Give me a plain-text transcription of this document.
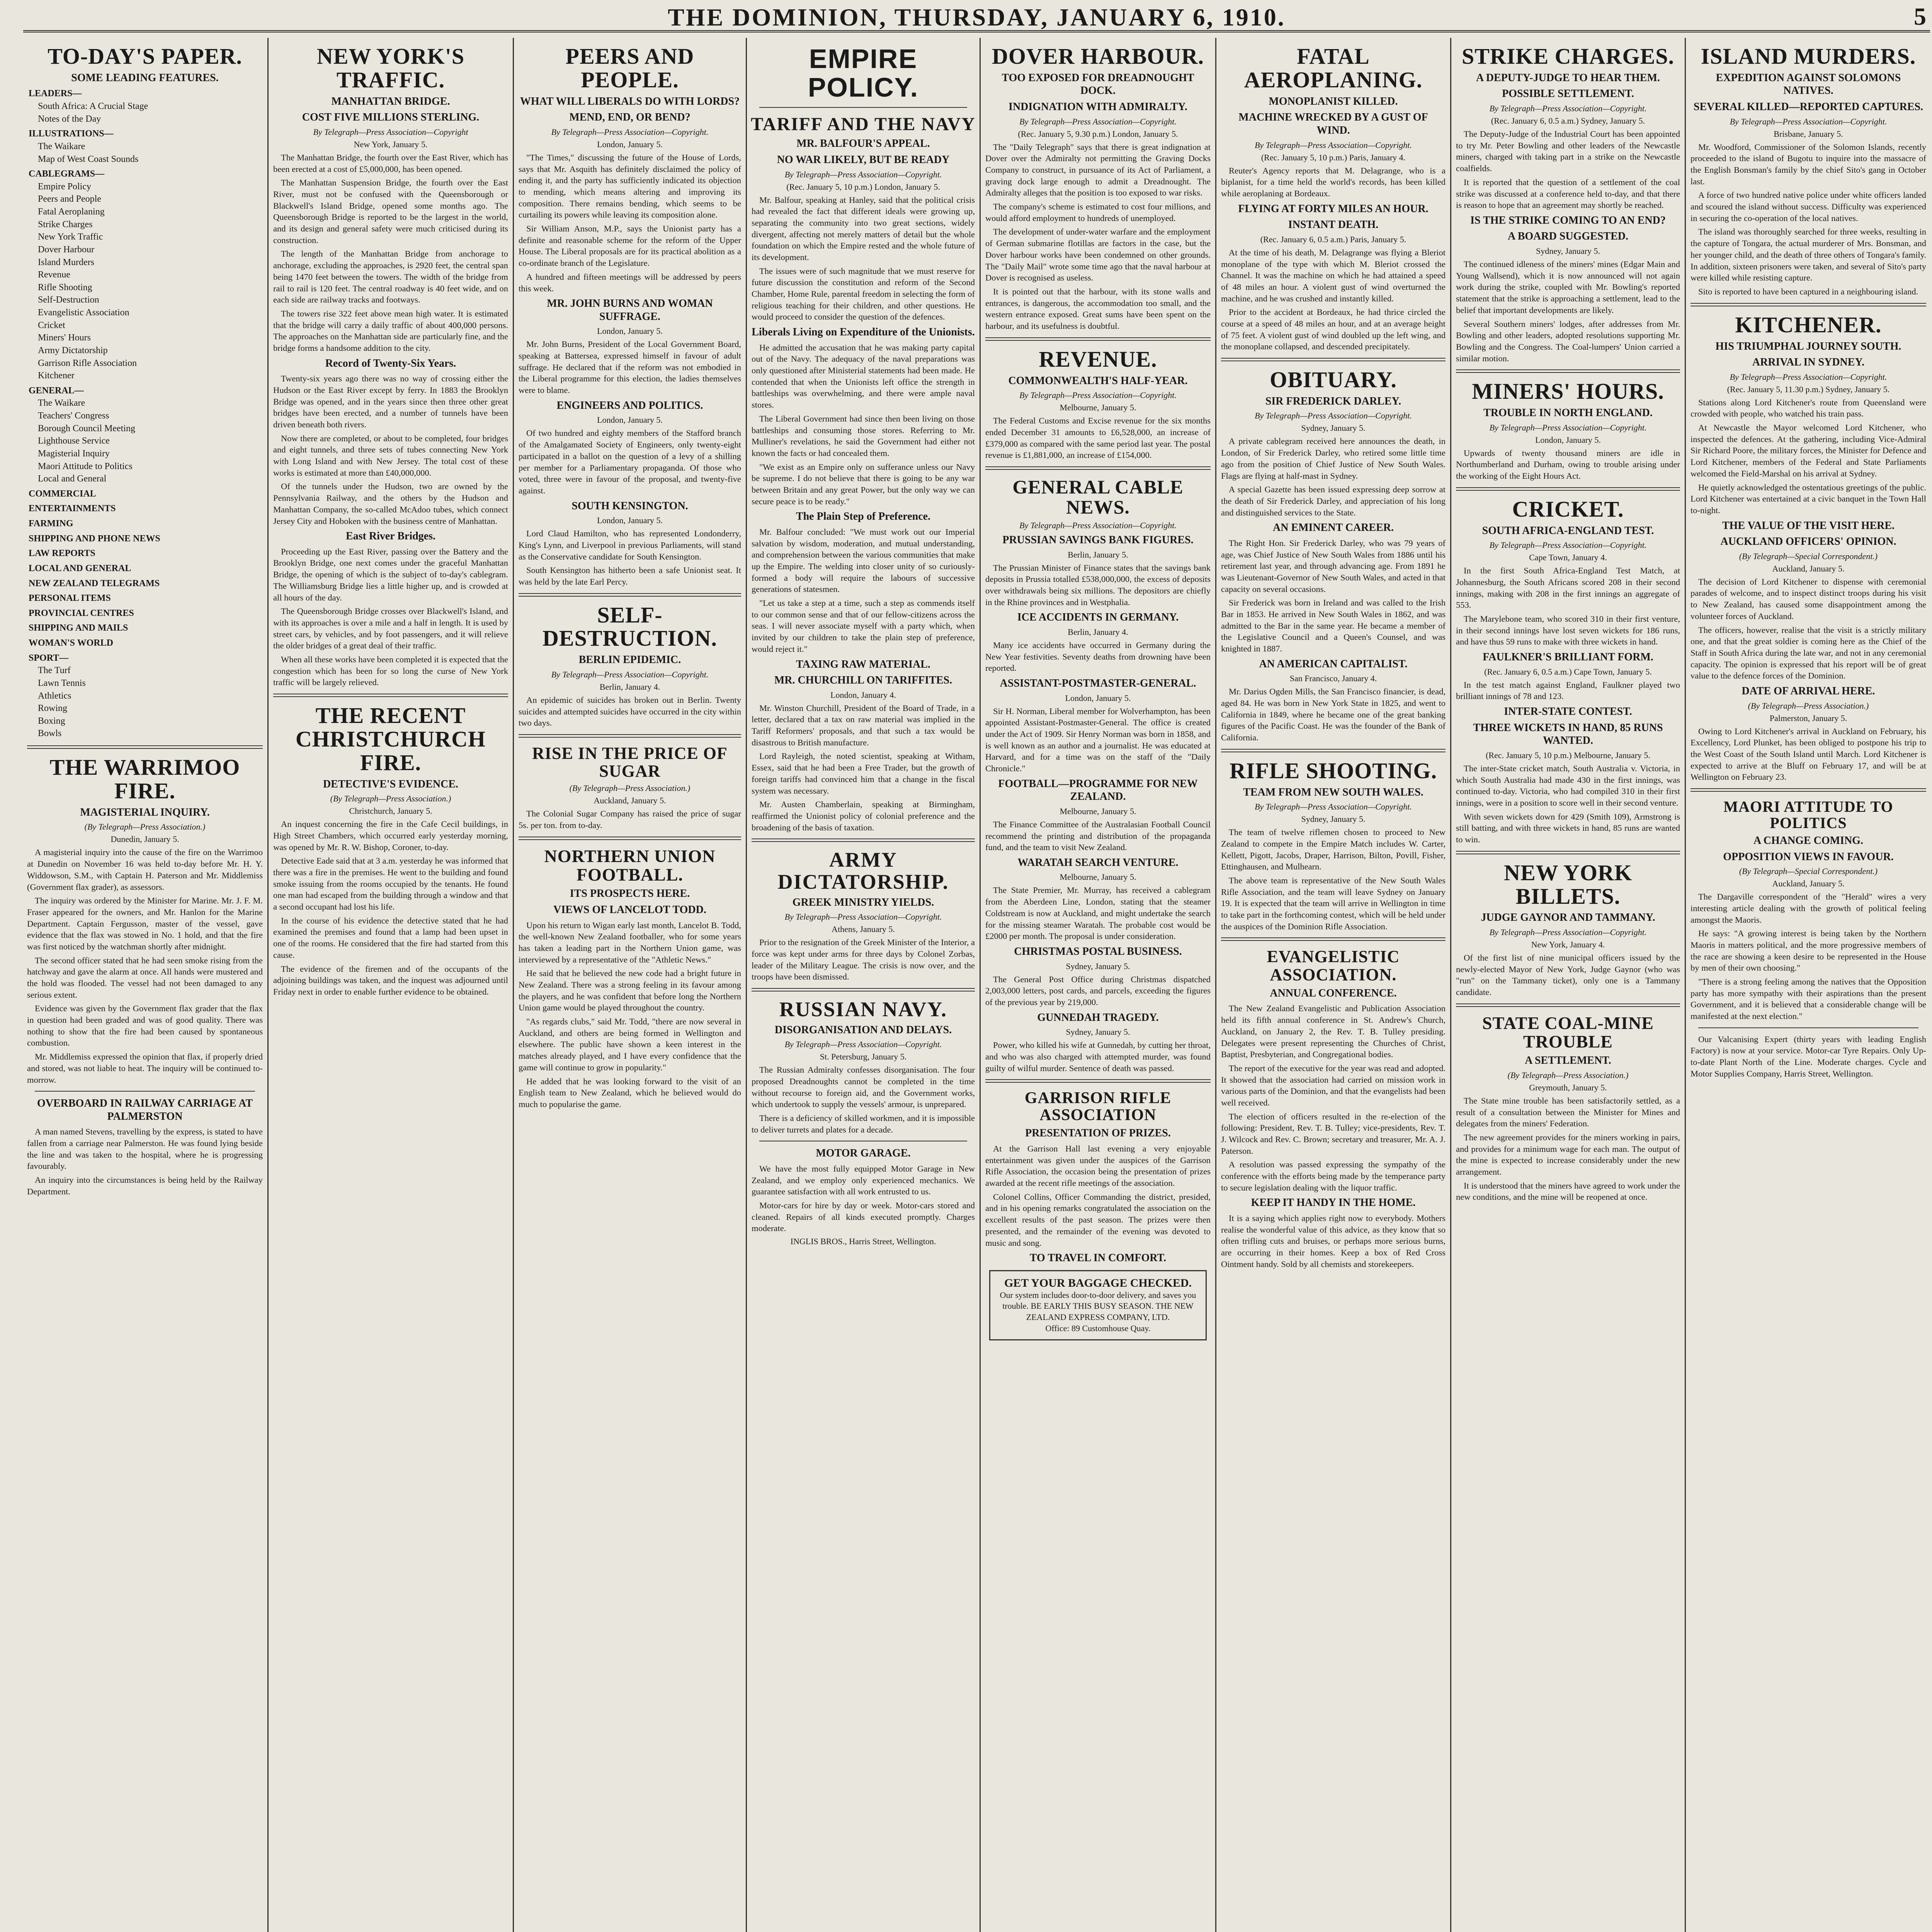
THE DOMINION, THURSDAY, JANUARY 6, 1910.	5
TO-DAY'S PAPER.
SOME LEADING FEATURES.
LEADERS—
South Africa: A Crucial Stage
Notes of the Day
ILLUSTRATIONS—
The Waikare
Map of West Coast Sounds
CABLEGRAMS—
Empire Policy
Peers and People
Fatal Aeroplaning
Strike Charges
New York Traffic
Dover Harbour
Island Murders
Revenue
Rifle Shooting
Self-Destruction
Evangelistic Association
Cricket
Miners' Hours
Army Dictatorship
Garrison Rifle Association
Kitchener
GENERAL—
The Waikare
Teachers' Congress
Borough Council Meeting
Lighthouse Service
Magisterial Inquiry
Maori Attitude to Politics
Local and General
COMMERCIAL
ENTERTAINMENTS
FARMING
SHIPPING AND PHONE NEWS
LAW REPORTS
LOCAL AND GENERAL
NEW ZEALAND TELEGRAMS
PERSONAL ITEMS
PROVINCIAL CENTRES
SHIPPING AND MAILS
WOMAN'S WORLD
SPORT—
The Turf
Lawn Tennis
Athletics
Rowing
Boxing
Bowls
THE WARRIMOO FIRE.
MAGISTERIAL INQUIRY.
(By Telegraph—Press Association.)
Dunedin, January 5.
A magisterial inquiry into the cause of the fire on the Warrimoo at Dunedin on November 16 was held to-day before Mr. H. Y. Widdowson, S.M., with Captain H. Paterson and Mr. Middlemiss (Government flax grader), as assessors.
The inquiry was ordered by the Minister for Marine. Mr. J. F. M. Fraser appeared for the owners, and Mr. Hanlon for the Marine Department. Captain Fergusson, master of the vessel, gave evidence that the flax was stowed in No. 1 hold, and that the fire was first noticed by the watchman shortly after midnight.
The second officer stated that he had seen smoke rising from the hatchway and gave the alarm at once. All hands were mustered and the hold was flooded. The vessel had not been damaged to any serious extent.
Evidence was given by the Government flax grader that the flax in question had been graded and was of good quality. There was nothing to show that the fire had been caused by spontaneous combustion.
Mr. Middlemiss expressed the opinion that flax, if properly dried and stored, was not liable to heat. The inquiry will be continued to-morrow.
OVERBOARD IN RAILWAY CARRIAGE AT PALMERSTON
A man named Stevens, travelling by the express, is stated to have fallen from a carriage near Palmerston. He was found lying beside the line and was taken to the hospital, where he is progressing favourably.
An inquiry into the circumstances is being held by the Railway Department.
NEW YORK'S TRAFFIC.
MANHATTAN BRIDGE.
COST FIVE MILLIONS STERLING.
By Telegraph—Press Association—Copyright
New York, January 5.
The Manhattan Bridge, the fourth over the East River, which has been erected at a cost of £5,000,000, has been opened.
The Manhattan Suspension Bridge, the fourth over the East River, must not be confused with the Queensborough or Blackwell's Island Bridge, opened some months ago. The Queensborough Bridge is reported to be the largest in the world, and its design and general safety were much criticised during its construction.
The length of the Manhattan Bridge from anchorage to anchorage, excluding the approaches, is 2920 feet, the central span being 1470 feet between the towers. The width of the bridge from rail to rail is 120 feet. The central roadway is 40 feet wide, and on each side are railway tracks and footways.
The towers rise 322 feet above mean high water. It is estimated that the bridge will carry a daily traffic of about 400,000 persons. The approaches on the Manhattan side are particularly fine, and the bridge forms a handsome addition to the city.
Record of Twenty-Six Years.
Twenty-six years ago there was no way of crossing either the Hudson or the East River except by ferry. In 1883 the Brooklyn Bridge was opened, and in the years since then three other great bridges have been erected, and a number of tunnels have been driven beneath both rivers.
Now there are completed, or about to be completed, four bridges and eight tunnels, and three sets of tubes connecting New York with Long Island and with New Jersey. The total cost of these works is estimated at more than £40,000,000.
Of the tunnels under the Hudson, two are owned by the Pennsylvania Railway, and the others by the Hudson and Manhattan Company, the so-called McAdoo tubes, which connect Jersey City and Hoboken with the business centre of Manhattan.
East River Bridges.
Proceeding up the East River, passing over the Battery and the Brooklyn Bridge, one next comes under the graceful Manhattan Bridge, the opening of which is the subject of to-day's cablegram. The Williamsburg Bridge lies a little higher up, and is crowded at all hours of the day.
The Queensborough Bridge crosses over Blackwell's Island, and with its approaches is over a mile and a half in length. It is used by street cars, by vehicles, and by foot passengers, and it will relieve the older bridges of a great deal of their traffic.
When all these works have been completed it is expected that the congestion which has been for so long the curse of New York traffic will be largely relieved.
THE RECENT CHRISTCHURCH FIRE.
DETECTIVE'S EVIDENCE.
(By Telegraph—Press Association.)
Christchurch, January 5.
An inquest concerning the fire in the Cafe Cecil buildings, in High Street Chambers, which occurred early yesterday morning, was opened by Mr. R. W. Bishop, Coroner, to-day.
Detective Eade said that at 3 a.m. yesterday he was informed that there was a fire in the premises. He went to the building and found smoke issuing from the rooms occupied by the tenants. He found one man had escaped from the building through a window and that a second occupant had lost his life.
In the course of his evidence the detective stated that he had examined the premises and found that a lamp had been upset in one of the rooms. He considered that the fire had started from this cause.
The evidence of the firemen and of the occupants of the adjoining buildings was taken, and the inquest was adjourned until Friday next in order to enable further evidence to be obtained.
PEERS AND PEOPLE.
WHAT WILL LIBERALS DO WITH LORDS?
MEND, END, OR BEND?
By Telegraph—Press Association—Copyright.
London, January 5.
"The Times," discussing the future of the House of Lords, says that Mr. Asquith has definitely disclaimed the policy of ending it, and the party has sufficiently indicated its objection to mending, which means altering and improving its composition. There remains bending, which seems to be curtailing its powers while leaving its composition alone.
Sir William Anson, M.P., says the Unionist party has a definite and reasonable scheme for the reform of the Upper House. The Liberal proposals are for its practical abolition as a co-ordinate branch of the Legislature.
A hundred and fifteen meetings will be addressed by peers this week.
MR. JOHN BURNS AND WOMAN SUFFRAGE.
London, January 5.
Mr. John Burns, President of the Local Government Board, speaking at Battersea, expressed himself in favour of adult suffrage. He declared that if the reform was not embodied in the Liberal programme for this election, the ladies themselves were to blame.
ENGINEERS AND POLITICS.
London, January 5.
Of two hundred and eighty members of the Stafford branch of the Amalgamated Society of Engineers, only twenty-eight participated in a ballot on the question of a levy of a shilling per member for a Parliamentary propaganda. Of those who voted, three were in favour of the proposal, and twenty-five against.
SOUTH KENSINGTON.
London, January 5.
Lord Claud Hamilton, who has represented Londonderry, King's Lynn, and Liverpool in previous Parliaments, will stand as the Conservative candidate for South Kensington.
South Kensington has hitherto been a safe Unionist seat. It was held by the late Earl Percy.
SELF-DESTRUCTION.
BERLIN EPIDEMIC.
By Telegraph—Press Association—Copyright.
Berlin, January 4.
An epidemic of suicides has broken out in Berlin. Twenty suicides and attempted suicides have occurred in the city within two days.
RISE IN THE PRICE OF SUGAR
(By Telegraph—Press Association.)
Auckland, January 5.
The Colonial Sugar Company has raised the price of sugar 5s. per ton. from to-day.
NORTHERN UNION FOOTBALL.
ITS PROSPECTS HERE.
VIEWS OF LANCELOT TODD.
Upon his return to Wigan early last month, Lancelot B. Todd, the well-known New Zealand footballer, who for some years has taken a leading part in the Northern Union game, was interviewed by a representative of the "Athletic News."
He said that he believed the new code had a bright future in New Zealand. There was a strong feeling in its favour among the players, and he was confident that before long the Northern Union game would be played throughout the country.
"As regards clubs," said Mr. Todd, "there are now several in Auckland, and others are being formed in Wellington and elsewhere. The public have shown a keen interest in the matches already played, and I have every confidence that the game will continue to grow in popularity."
He added that he was looking forward to the visit of an English team to New Zealand, which he believed would do much to popularise the game.
EMPIRE POLICY.
TARIFF AND THE NAVY
MR. BALFOUR'S APPEAL.
NO WAR LIKELY, BUT BE READY
By Telegraph—Press Association—Copyright.
(Rec. January 5, 10 p.m.) London, January 5.
Mr. Balfour, speaking at Hanley, said that the political crisis had revealed the fact that different ideals were growing up, separating the community into two great sections, widely divergent, affecting not merely matters of detail but the whole foundation on which the Empire rested and the whole future of its development.
The issues were of such magnitude that we must reserve for future discussion the constitution and reform of the Second Chamber, Home Rule, parental freedom in selecting the form of religious teaching for their children, and other questions. He would proceed to consider the question of the defences.
Liberals Living on Expenditure of the Unionists.
He admitted the accusation that he was making party capital out of the Navy. The adequacy of the naval preparations was only questioned after Ministerial statements had been made. He contended that when the Unionists left office the strength in battleships was overwhelming, and there were ample naval stores.
The Liberal Government had since then been living on those battleships and consuming those stores. Referring to Mr. Mulliner's revelations, he said the Government had either not known the facts or had concealed them.
"We exist as an Empire only on sufferance unless our Navy be supreme. I do not believe that there is going to be any war between Britain and any great Power, but the only way we can secure peace is to be ready."
The Plain Step of Preference.
Mr. Balfour concluded: "We must work out our Imperial salvation by wisdom, moderation, and mutual understanding, and comprehension between the various communities that make up the Empire. The welding into closer unity of so curiously-formed a body will require the labours of successive generations of statesmen.
"Let us take a step at a time, such a step as commends itself to our common sense and that of our fellow-citizens across the seas. I will never associate myself with a party which, when invited by our children to take the plain step of preference, would reject it."
TAXING RAW MATERIAL.
MR. CHURCHILL ON TARIFFITES.
London, January 4.
Mr. Winston Churchill, President of the Board of Trade, in a letter, declared that a tax on raw material was implied in the Tariff Reformers' proposals, and that such a tax would be disastrous to British manufacture.
Lord Rayleigh, the noted scientist, speaking at Witham, Essex, said that he had been a Free Trader, but the growth of foreign tariffs had convinced him that a change in the fiscal system was necessary.
Mr. Austen Chamberlain, speaking at Birmingham, reaffirmed the Unionist policy of colonial preference and the broadening of the basis of taxation.
ARMY DICTATORSHIP.
GREEK MINISTRY YIELDS.
By Telegraph—Press Association—Copyright.
Athens, January 5.
Prior to the resignation of the Greek Minister of the Interior, a force was kept under arms for three days by Colonel Zorbas, leader of the Military League. The crisis is now over, and the troops have been dismissed.
RUSSIAN NAVY.
DISORGANISATION AND DELAYS.
By Telegraph—Press Association—Copyright.
St. Petersburg, January 5.
The Russian Admiralty confesses disorganisation. The four proposed Dreadnoughts cannot be completed in the time without recourse to foreign aid, and the Government works, which undertook to supply the vessels' armour, is unprepared.
There is a deficiency of skilled workmen, and it is impossible to deliver turrets and plates for a decade.
MOTOR GARAGE.
We have the most fully equipped Motor Garage in New Zealand, and we employ only experienced mechanics. We guarantee satisfaction with all work entrusted to us.
Motor-cars for hire by day or week. Motor-cars stored and cleaned. Repairs of all kinds executed promptly. Charges moderate.
INGLIS BROS., Harris Street, Wellington.
DOVER HARBOUR.
TOO EXPOSED FOR DREADNOUGHT DOCK.
INDIGNATION WITH ADMIRALTY.
By Telegraph—Press Association—Copyright.
(Rec. January 5, 9.30 p.m.) London, January 5.
The "Daily Telegraph" says that there is great indignation at Dover over the Admiralty not permitting the Graving Docks Company to construct, in pursuance of its Act of Parliament, a graving dock large enough to admit a Dreadnought. The Admiralty alleges that the position is too exposed to war risks.
The company's scheme is estimated to cost four millions, and would afford employment to hundreds of unemployed.
The development of under-water warfare and the employment of German submarine flotillas are factors in the case, but the Dover harbour works have been condemned on other grounds. The "Daily Mail" wrote some time ago that the naval harbour at Dover is recognised as useless.
It is pointed out that the harbour, with its stone walls and entrances, is dangerous, the accommodation too small, and the western entrance exposed. Great sums have been spent on the harbour, and its usefulness is doubtful.
REVENUE.
COMMONWEALTH'S HALF-YEAR.
By Telegraph—Press Association—Copyright.
Melbourne, January 5.
The Federal Customs and Excise revenue for the six months ended December 31 amounts to £6,528,000, an increase of £379,000 as compared with the same period last year. The postal revenue is £1,881,000, an increase of £154,000.
GENERAL CABLE NEWS.
By Telegraph—Press Association—Copyright.
PRUSSIAN SAVINGS BANK FIGURES.
Berlin, January 5.
The Prussian Minister of Finance states that the savings bank deposits in Prussia totalled £538,000,000, the excess of deposits over withdrawals being six millions. The depositors are chiefly in the Rhine provinces and in Westphalia.
ICE ACCIDENTS IN GERMANY.
Berlin, January 4.
Many ice accidents have occurred in Germany during the New Year festivities. Seventy deaths from drowning have been reported.
ASSISTANT-POSTMASTER-GENERAL.
London, January 5.
Sir H. Norman, Liberal member for Wolverhampton, has been appointed Assistant-Postmaster-General. The office is created under the Act of 1909. Sir Henry Norman was born in 1858, and is well known as an author and a journalist. He was educated at Harvard, and for a time was on the staff of the "Daily Chronicle."
FOOTBALL—PROGRAMME FOR NEW ZEALAND.
Melbourne, January 5.
The Finance Committee of the Australasian Football Council recommend the printing and distribution of the propaganda fund, and the team to visit New Zealand.
WARATAH SEARCH VENTURE.
Melbourne, January 5.
The State Premier, Mr. Murray, has received a cablegram from the Aberdeen Line, London, stating that the steamer Coldstream is now at Auckland, and might undertake the search for the missing steamer Waratah. The probable cost would be £2000 per month. The proposal is under consideration.
CHRISTMAS POSTAL BUSINESS.
Sydney, January 5.
The General Post Office during Christmas dispatched 2,003,000 letters, post cards, and parcels, exceeding the figures of the previous year by 219,000.
GUNNEDAH TRAGEDY.
Sydney, January 5.
Power, who killed his wife at Gunnedah, by cutting her throat, and who was also charged with attempted murder, was found guilty of wilful murder. Sentence of death was passed.
GARRISON RIFLE ASSOCIATION
PRESENTATION OF PRIZES.
At the Garrison Hall last evening a very enjoyable entertainment was given under the auspices of the Garrison Rifle Association, the occasion being the presentation of prizes awarded at the recent rifle meetings of the association.
Colonel Collins, Officer Commanding the district, presided, and in his opening remarks congratulated the association on the excellent results of the past season. The prizes were then presented, and the remainder of the evening was devoted to music and song.
TO TRAVEL IN COMFORT.
GET YOUR BAGGAGE CHECKED.
Our system includes door-to-door delivery, and saves you trouble. BE EARLY THIS BUSY SEASON. THE NEW ZEALAND EXPRESS COMPANY, LTD.
Office: 89 Customhouse Quay.
FATAL AEROPLANING.
MONOPLANIST KILLED.
MACHINE WRECKED BY A GUST OF WIND.
By Telegraph—Press Association—Copyright.
(Rec. January 5, 10 p.m.) Paris, January 4.
Reuter's Agency reports that M. Delagrange, who is a biplanist, for a time held the world's records, has been killed while aeroplaning at Bordeaux.
FLYING AT FORTY MILES AN HOUR.
INSTANT DEATH.
(Rec. January 6, 0.5 a.m.) Paris, January 5.
At the time of his death, M. Delagrange was flying a Bleriot monoplane of the type with which M. Bleriot crossed the Channel. It was the machine on which he had attained a speed of 48 miles an hour. A violent gust of wind overturned the machine, and he was crushed and instantly killed.
Prior to the accident at Bordeaux, he had thrice circled the course at a speed of 48 miles an hour, and at an average height of 75 feet. A violent gust of wind doubled up the left wing, and the monoplane collapsed, and descended precipitately.
OBITUARY.
SIR FREDERICK DARLEY.
By Telegraph—Press Association—Copyright.
Sydney, January 5.
A private cablegram received here announces the death, in London, of Sir Frederick Darley, who retired some little time ago from the position of Chief Justice of New South Wales. Flags are flying at half-mast in Sydney.
A special Gazette has been issued expressing deep sorrow at the death of Sir Frederick Darley, and appreciation of his long and distinguished services to the State.
AN EMINENT CAREER.
The Right Hon. Sir Frederick Darley, who was 79 years of age, was Chief Justice of New South Wales from 1886 until his retirement last year, and through advancing age. From 1891 he was Lieutenant-Governor of New South Wales, and acted in that capacity on several occasions.
Sir Frederick was born in Ireland and was called to the Irish Bar in 1853. He arrived in New South Wales in 1862, and was admitted to the Bar in the same year. He became a member of the Legislative Council and a Queen's Counsel, and was knighted in 1887.
AN AMERICAN CAPITALIST.
San Francisco, January 4.
Mr. Darius Ogden Mills, the San Francisco financier, is dead, aged 84. He was born in New York State in 1825, and went to California in 1849, where he became one of the great banking figures of the Pacific Coast. He was the founder of the Bank of California.
RIFLE SHOOTING.
TEAM FROM NEW SOUTH WALES.
By Telegraph—Press Association—Copyright.
Sydney, January 5.
The team of twelve riflemen chosen to proceed to New Zealand to compete in the Empire Match includes W. Carter, Kellett, Pigott, Jacobs, Draper, Harrison, Bilton, Povill, Fisher, Ettinghausen, and Mulhearn.
The above team is representative of the New South Wales Rifle Association, and the team will leave Sydney on January 19. It is expected that the team will arrive in Wellington in time to take part in the forthcoming contest, which will be held under the auspices of the Dominion Rifle Association.
EVANGELISTIC ASSOCIATION.
ANNUAL CONFERENCE.
The New Zealand Evangelistic and Publication Association held its fifth annual conference in St. Andrew's Church, Auckland, on January 2, the Rev. T. B. Tulley presiding. Delegates were present representing the Churches of Christ, Baptist, Presbyterian, and Congregational bodies.
The report of the executive for the year was read and adopted. It showed that the association had carried on mission work in various parts of the Dominion, and that the evangelists had been well received.
The election of officers resulted in the re-election of the following: President, Rev. T. B. Tulley; vice-presidents, Rev. T. J. Wilcock and Rev. C. Brown; secretary and treasurer, Mr. A. J. Paterson.
A resolution was passed expressing the sympathy of the conference with the efforts being made by the temperance party to secure legislation dealing with the liquor traffic.
KEEP IT HANDY IN THE HOME.
It is a saying which applies right now to everybody. Mothers realise the wonderful value of this advice, as they know that so often trifling cuts and bruises, or perhaps more serious burns, are occurring in their homes. Keep a box of Red Cross Ointment handy. Sold by all chemists and storekeepers.
STRIKE CHARGES.
A DEPUTY-JUDGE TO HEAR THEM.
POSSIBLE SETTLEMENT.
By Telegraph—Press Association—Copyright.
(Rec. January 6, 0.5 a.m.) Sydney, January 5.
The Deputy-Judge of the Industrial Court has been appointed to try Mr. Peter Bowling and other leaders of the Newcastle miners, charged with taking part in a strike on the Newcastle coalfields.
It is reported that the question of a settlement of the coal strike was discussed at a conference held to-day, and that there is reason to hope that an agreement may shortly be reached.
IS THE STRIKE COMING TO AN END?
A BOARD SUGGESTED.
Sydney, January 5.
The continued idleness of the miners' mines (Edgar Main and Young Wallsend), which it is now announced will not again work during the strike, coupled with Mr. Bowling's reported statement that the strike is approaching a settlement, lead to the belief that important developments are likely.
Several Southern miners' lodges, after addresses from Mr. Bowling and other leaders, adopted resolutions supporting Mr. Bowling and the Congress. The Coal-lumpers' Union carried a similar motion.
MINERS' HOURS.
TROUBLE IN NORTH ENGLAND.
By Telegraph—Press Association—Copyright.
London, January 5.
Upwards of twenty thousand miners are idle in Northumberland and Durham, owing to trouble arising under the working of the Eight Hours Act.
CRICKET.
SOUTH AFRICA-ENGLAND TEST.
By Telegraph—Press Association—Copyright.
Cape Town, January 4.
In the first South Africa-England Test Match, at Johannesburg, the South Africans scored 208 in their second innings, making with 208 in the first innings an aggregate of 553.
The Marylebone team, who scored 310 in their first venture, in their second innings have lost seven wickets for 186 runs, and have thus 59 runs to make with three wickets in hand.
FAULKNER'S BRILLIANT FORM.
(Rec. January 6, 0.5 a.m.) Cape Town, January 5.
In the test match against England, Faulkner played two brilliant innings of 78 and 123.
INTER-STATE CONTEST.
THREE WICKETS IN HAND, 85 RUNS WANTED.
(Rec. January 5, 10 p.m.) Melbourne, January 5.
The inter-State cricket match, South Australia v. Victoria, in which South Australia had made 430 in the first innings, was continued to-day. Victoria, who had compiled 310 in their first innings, were in a position to score well in their second venture.
With seven wickets down for 429 (Smith 109), Armstrong is still batting, and with three wickets in hand, 85 runs are wanted to win.
NEW YORK BILLETS.
JUDGE GAYNOR AND TAMMANY.
By Telegraph—Press Association—Copyright.
New York, January 4.
Of the first list of nine municipal officers issued by the newly-elected Mayor of New York, Judge Gaynor (who was "run" on the Tammany ticket), only one is a Tammany candidate.
STATE COAL-MINE TROUBLE
A SETTLEMENT.
(By Telegraph—Press Association.)
Greymouth, January 5.
The State mine trouble has been satisfactorily settled, as a result of a consultation between the Minister for Mines and delegates from the miners' Federation.
The new agreement provides for the miners working in pairs, and provides for a minimum wage for each man. The output of the mine is expected to increase considerably under the new arrangement.
It is understood that the miners have agreed to work under the new conditions, and the mine will be reopened at once.
ISLAND MURDERS.
EXPEDITION AGAINST SOLOMONS NATIVES.
SEVERAL KILLED—REPORTED CAPTURES.
By Telegraph—Press Association—Copyright.
Brisbane, January 5.
Mr. Woodford, Commissioner of the Solomon Islands, recently proceeded to the island of Bugotu to inquire into the massacre of the English Bonsman's family by the chief Sito's gang in October last.
A force of two hundred native police under white officers landed and scoured the island without success. Difficulty was experienced in securing the co-operation of the local natives.
The island was thoroughly searched for three weeks, resulting in the capture of Tongara, the actual murderer of Mrs. Bonsman, and her younger child, and the death of three others of Tongara's family. In addition, sixteen prisoners were taken, and several of Sito's party were killed while resisting capture.
Sito is reported to have been captured in a neighbouring island.
KITCHENER.
HIS TRIUMPHAL JOURNEY SOUTH.
ARRIVAL IN SYDNEY.
By Telegraph—Press Association—Copyright.
(Rec. January 5, 11.30 p.m.) Sydney, January 5.
Stations along Lord Kitchener's route from Queensland were crowded with people, who watched his train pass.
At Newcastle the Mayor welcomed Lord Kitchener, who inspected the defences. At the gathering, including Vice-Admiral Sir Richard Poore, the military forces, the Minister for Defence and Lord Kitchener, members of the Federal and State Parliaments welcomed the Field-Marshal on his arrival at Sydney.
He quietly acknowledged the ostentatious greetings of the public. Lord Kitchener was entertained at a civic banquet in the Town Hall to-night.
THE VALUE OF THE VISIT HERE.
AUCKLAND OFFICERS' OPINION.
(By Telegraph—Special Correspondent.)
Auckland, January 5.
The decision of Lord Kitchener to dispense with ceremonial parades of welcome, and to inspect distinct troops during his visit to New Zealand, has caused some disappointment among the volunteer forces of Auckland.
The officers, however, realise that the visit is a strictly military one, and that the great soldier is coming here as the Chief of the Staff in South Africa during the late war, and not in any ceremonial capacity. The opinion is expressed that his report will be of great value to the defence forces of the Dominion.
DATE OF ARRIVAL HERE.
(By Telegraph—Press Association.)
Palmerston, January 5.
Owing to Lord Kitchener's arrival in Auckland on February, his Excellency, Lord Plunket, has been obliged to postpone his trip to the West Coast of the South Island until March. Lord Kitchener is expected to arrive at the Bluff on February 17, and will be at Wellington on February 23.
MAORI ATTITUDE TO POLITICS
A CHANGE COMING.
OPPOSITION VIEWS IN FAVOUR.
(By Telegraph—Special Correspondent.)
Auckland, January 5.
The Dargaville correspondent of the "Herald" wires a very interesting article dealing with the growth of political feeling amongst the Maoris.
He says: "A growing interest is being taken by the Northern Maoris in matters political, and the more progressive members of the race are showing a keen desire to be represented in the House by men of their own choosing."
"There is a strong feeling among the natives that the Opposition party has more sympathy with their aspirations than the present Government, and it is believed that a considerable change will be manifested at the next election."
Our Valcanising Expert (thirty years with leading English Factory) is now at your service. Motor-car Tyre Repairs. Only Up-to-date Plant North of the Line. Moderate charges. Cycle and Motor Supplies Company, Harris Street, Wellington.
